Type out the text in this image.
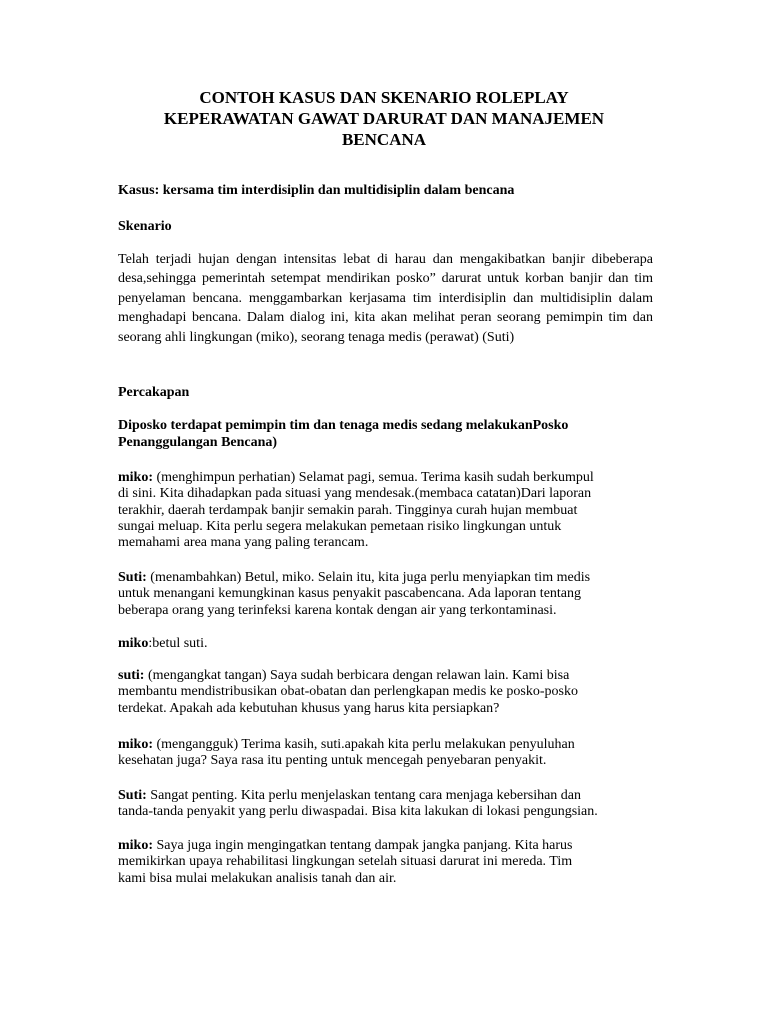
CONTOH KASUS DAN SKENARIO ROLEPLAY
KEPERAWATAN GAWAT DARURAT DAN MANAJEMEN
BENCANA
Kasus: kersama tim interdisiplin dan multidisiplin dalam bencana
Skenario
Telah terjadi hujan dengan intensitas lebat di harau dan mengakibatkan banjir dibeberapa desa,sehingga pemerintah setempat mendirikan posko” darurat untuk korban banjir dan tim penyelaman bencana. menggambarkan kerjasama tim interdisiplin dan multidisiplin dalam menghadapi bencana. Dalam dialog ini, kita akan melihat peran seorang pemimpin tim dan seorang ahli lingkungan (miko), seorang tenaga medis (perawat) (Suti)
Percakapan
Diposko terdapat pemimpin tim dan tenaga medis sedang melakukanPosko
Penanggulangan Bencana)
miko: (menghimpun perhatian) Selamat pagi, semua. Terima kasih sudah berkumpul
di sini. Kita dihadapkan pada situasi yang mendesak.(membaca catatan)Dari laporan
terakhir, daerah terdampak banjir semakin parah. Tingginya curah hujan membuat
sungai meluap. Kita perlu segera melakukan pemetaan risiko lingkungan untuk
memahami area mana yang paling terancam.
Suti: (menambahkan) Betul, miko. Selain itu, kita juga perlu menyiapkan tim medis
untuk menangani kemungkinan kasus penyakit pascabencana. Ada laporan tentang
beberapa orang yang terinfeksi karena kontak dengan air yang terkontaminasi.
miko:betul suti.
suti: (mengangkat tangan) Saya sudah berbicara dengan relawan lain. Kami bisa
membantu mendistribusikan obat-obatan dan perlengkapan medis ke posko-posko
terdekat. Apakah ada kebutuhan khusus yang harus kita persiapkan?
miko: (mengangguk) Terima kasih, suti.apakah kita perlu melakukan penyuluhan
kesehatan juga? Saya rasa itu penting untuk mencegah penyebaran penyakit.
Suti: Sangat penting. Kita perlu menjelaskan tentang cara menjaga kebersihan dan
tanda-tanda penyakit yang perlu diwaspadai. Bisa kita lakukan di lokasi pengungsian.
miko: Saya juga ingin mengingatkan tentang dampak jangka panjang. Kita harus
memikirkan upaya rehabilitasi lingkungan setelah situasi darurat ini mereda. Tim
kami bisa mulai melakukan analisis tanah dan air.
